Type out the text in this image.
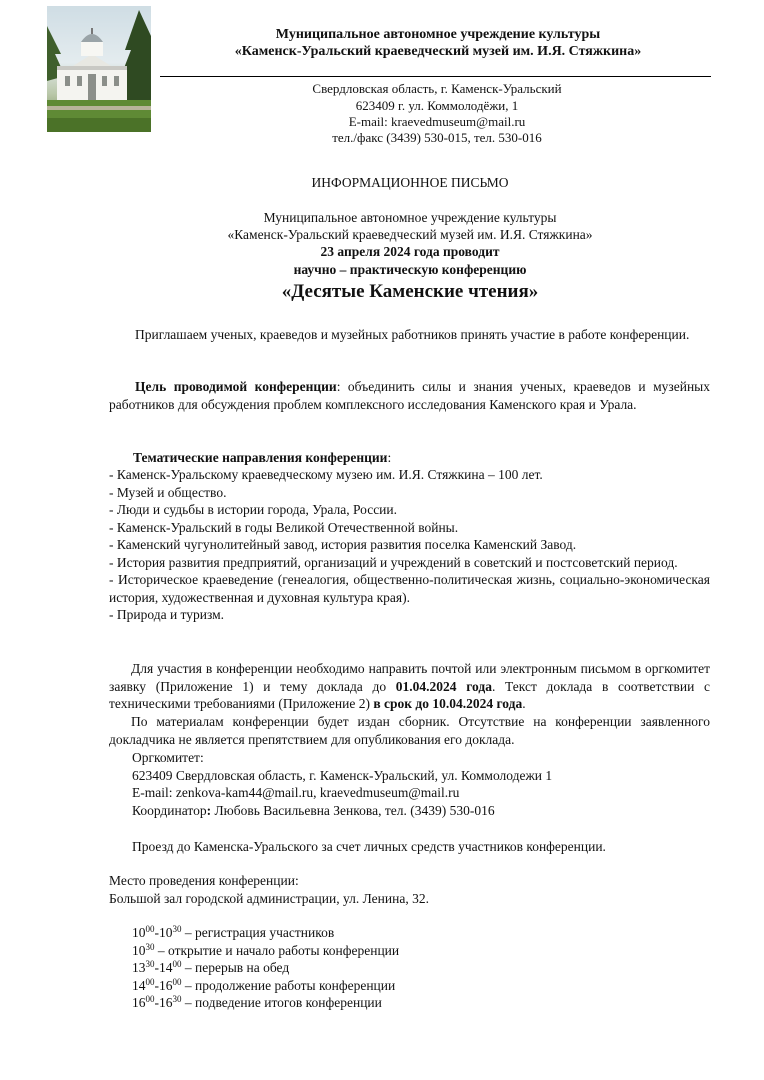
Муниципальное автономное учреждение культуры
«Каменск-Уральский краеведческий музей им. И.Я. Стяжкина»
Свердловская область, г. Каменск-Уральский
623409 г. ул. Коммолодёжи, 1
E-mail: kraevedmuseum@mail.ru
тел./факс (3439) 530-015, тел. 530-016
ИНФОРМАЦИОННОЕ ПИСЬМО
Муниципальное автономное учреждение культуры
«Каменск-Уральский краеведческий музей им. И.Я. Стяжкина»
23 апреля 2024 года проводит
научно – практическую конференцию
«Десятые Каменские чтения»
Приглашаем ученых, краеведов и музейных работников принять участие в работе конференции.
Цель проводимой конференции: объединить силы и знания ученых, краеведов и музейных работников для обсуждения проблем комплексного исследования Каменского края и Урала.
Тематические направления конференции:
- Каменск-Уральскому краеведческому музею им. И.Я. Стяжкина – 100 лет.
- Музей и общество.
- Люди и судьбы в истории города, Урала, России.
- Каменск-Уральский в годы Великой Отечественной войны.
- Каменский чугунолитейный завод, история развития поселка Каменский Завод.
- История развития предприятий, организаций и учреждений в советский и постсоветский период.
- Историческое краеведение (генеалогия, общественно-политическая жизнь, социально-экономическая история, художественная и духовная культура края).
- Природа и туризм.
Для участия в конференции необходимо направить почтой или электронным письмом в оргкомитет заявку (Приложение 1) и тему доклада до 01.04.2024 года. Текст доклада в соответствии с техническими требованиями (Приложение 2) в срок до 10.04.2024 года.
По материалам конференции будет издан сборник. Отсутствие на конференции заявленного докладчика не является препятствием для опубликования его доклада.
Оргкомитет:
623409 Свердловская область, г. Каменск-Уральский, ул. Коммолодежи 1
E-mail: zenkova-kam44@mail.ru, kraevedmuseum@mail.ru
Координатор: Любовь Васильевна Зенкова, тел. (3439) 530-016
Проезд до Каменска-Уральского за счет личных средств участников конференции.
Место проведения конференции:
Большой зал городской администрации, ул. Ленина, 32.
$10^{00}-10^{30}$ – регистрация участников
$10^{30}$ – открытие и начало работы конференции
$13^{30}-14^{00}$ – перерыв на обед
$14^{00}-16^{00}$ – продолжение работы конференции
$16^{00}-16^{30}$ – подведение итогов конференции
